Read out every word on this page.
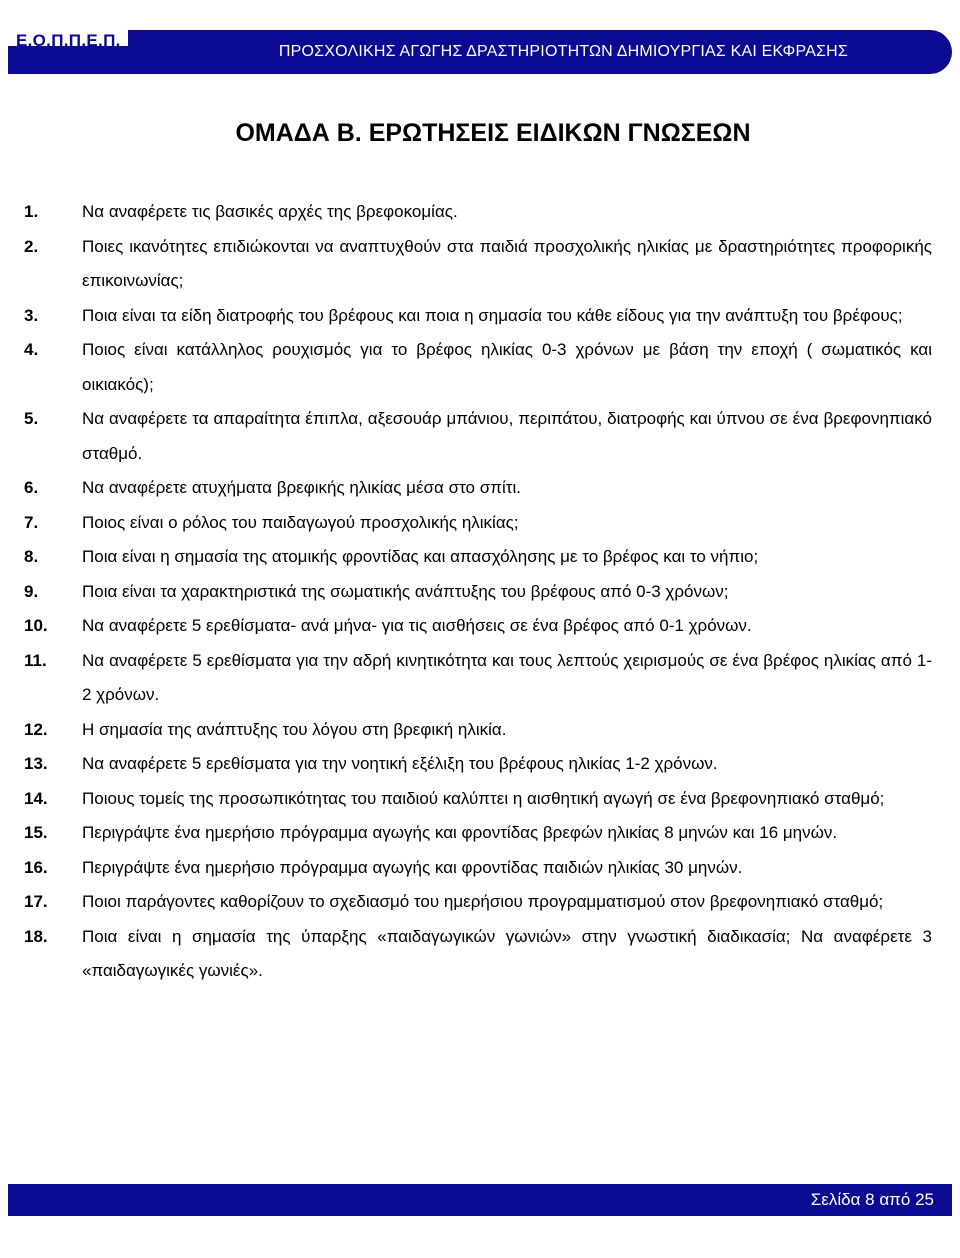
Ε.Ο.Π.Π.Ε.Π.
ΠΡΟΣΧΟΛΙΚΗΣ ΑΓΩΓΗΣ ΔΡΑΣΤΗΡΙΟΤΗΤΩΝ ΔΗΜΙΟΥΡΓΙΑΣ ΚΑΙ ΕΚΦΡΑΣΗΣ
ΟΜΑΔΑ Β. ΕΡΩΤΗΣΕΙΣ ΕΙΔΙΚΩΝ ΓΝΩΣΕΩΝ
1.	Να αναφέρετε τις βασικές αρχές της βρεφοκομίας.
2.	Ποιες ικανότητες επιδιώκονται να αναπτυχθούν στα παιδιά προσχολικής ηλικίας με δραστηριότητες προφορικής επικοινωνίας;
3.	Ποια είναι τα είδη διατροφής του βρέφους και ποια η σημασία του κάθε είδους για την ανάπτυξη του βρέφους;
4.	Ποιος είναι κατάλληλος ρουχισμός για το βρέφος ηλικίας 0-3 χρόνων με βάση την εποχή ( σωματικός και οικιακός);
5.	Να αναφέρετε τα απαραίτητα έπιπλα, αξεσουάρ μπάνιου, περιπάτου, διατροφής και ύπνου σε ένα βρεφονηπιακό σταθμό.
6.	Να αναφέρετε ατυχήματα βρεφικής ηλικίας μέσα στο σπίτι.
7.	Ποιος είναι ο ρόλος του παιδαγωγού προσχολικής ηλικίας;
8.	Ποια είναι η σημασία της ατομικής φροντίδας και απασχόλησης με το βρέφος και το νήπιο;
9.	Ποια είναι τα χαρακτηριστικά της σωματικής ανάπτυξης του βρέφους από 0-3 χρόνων;
10.	Να αναφέρετε 5 ερεθίσματα- ανά μήνα- για τις αισθήσεις σε ένα βρέφος από 0-1 χρόνων.
11.	Να αναφέρετε 5 ερεθίσματα για την αδρή κινητικότητα και τους λεπτούς χειρισμούς σε ένα βρέφος ηλικίας από 1-2 χρόνων.
12.	Η σημασία της ανάπτυξης του λόγου στη βρεφική ηλικία.
13.	Να αναφέρετε 5 ερεθίσματα για την νοητική εξέλιξη του βρέφους ηλικίας 1-2 χρόνων.
14.	Ποιους τομείς της προσωπικότητας του παιδιού καλύπτει η αισθητική αγωγή σε ένα βρεφονηπιακό σταθμό;
15.	Περιγράψτε ένα ημερήσιο πρόγραμμα αγωγής και φροντίδας βρεφών ηλικίας 8 μηνών και 16 μηνών.
16.	Περιγράψτε ένα ημερήσιο πρόγραμμα αγωγής και φροντίδας παιδιών ηλικίας 30 μηνών.
17.	Ποιοι παράγοντες καθορίζουν το σχεδιασμό του ημερήσιου προγραμματισμού στον βρεφονηπιακό σταθμό;
18.	Ποια είναι η σημασία της ύπαρξης «παιδαγωγικών γωνιών» στην γνωστική διαδικασία; Να αναφέρετε 3 «παιδαγωγικές γωνιές».
Σελίδα 8 από 25
